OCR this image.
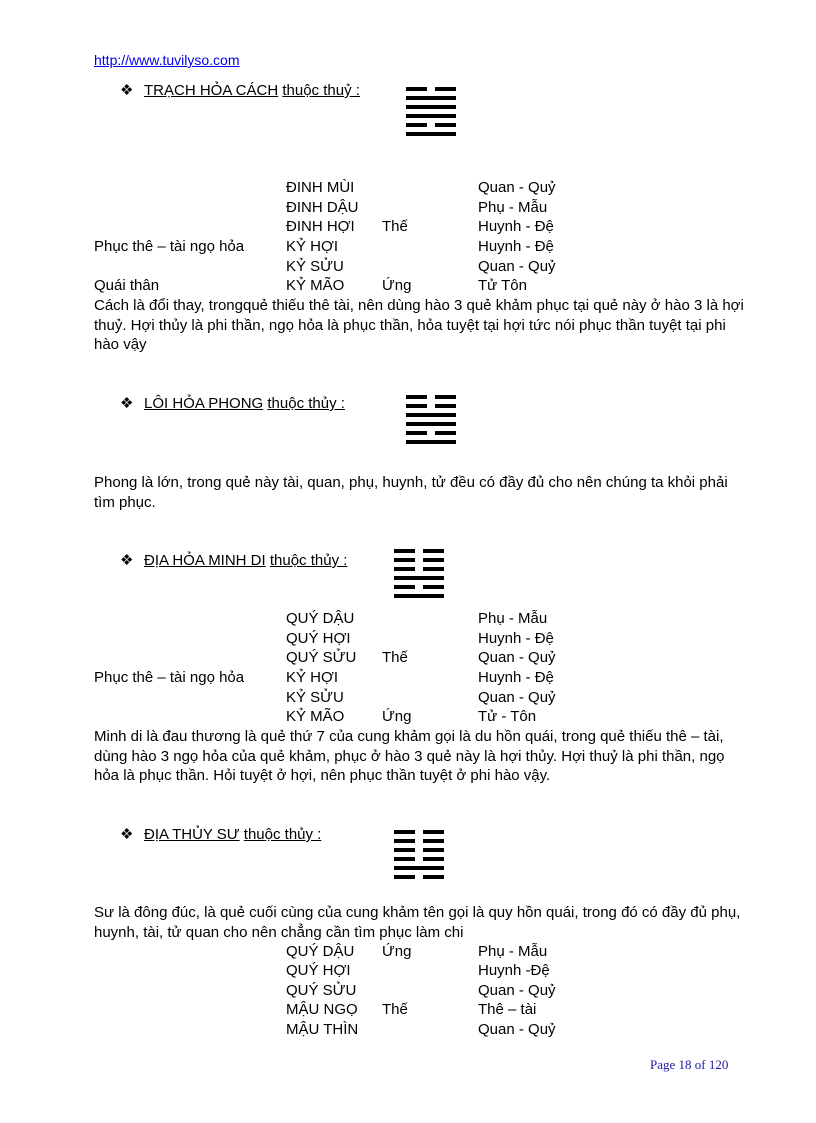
http://www.tuvilyso.com
❖ TRẠCH HỎA CÁCH thuộc thuỷ :
ĐINH MÙI	Quan - Quỷ
ĐINH DẬU	Phụ - Mẫu
ĐINH HỢI Thế	Huynh - Đệ
Phục thê – tài ngọ hỏa	KỶ HỢI	Huynh - Đệ
KỶ SỬU	Quan - Quỷ
Quái thân	KỶ MÃO	Ứng	Tử Tôn
Cách là đổi thay, trongquẻ thiếu thê tài, nên dùng hào 3 quẻ khảm phục tại quẻ này ở hào 3 là hợi thuỷ. Hợi thủy là phi thần, ngọ hỏa là phục thần, hỏa tuyệt tại hợi tức nói phục thần tuyệt tại phi hào vậy
❖ LÔI HỎA PHONG thuộc thủy :
Phong là lớn, trong quẻ này tài, quan, phụ, huynh, tử đều có đầy đủ cho nên chúng ta khỏi phải tìm phục.
❖ ĐỊA HỎA MINH DI thuộc thủy :
QUÝ DẬU	Phụ - Mẫu
QUÝ HỢI	Huynh - Đệ
QUÝ SỬU Thế	Quan - Quỷ
Phục thê – tài ngọ hỏa	KỶ HỢI	Huynh - Đệ
KỶ SỬU	Quan - Quỷ
KỶ MÃO	Ứng	Tử - Tôn
Minh di là đau thương là quẻ thứ 7 của cung khảm gọi là du hồn quái, trong quẻ thiếu thê – tài, dùng hào 3 ngọ hỏa của quẻ khảm, phục ở hào 3 quẻ này là hợi thủy. Hợi thuỷ là phi thần, ngọ hỏa là phục thần. Hỏi tuyệt ở hợi, nên phục thần tuyệt ở phi hào vậy.
❖ ĐỊA THỦY SƯ thuộc thủy :
Sư là đông đúc, là quẻ cuối cùng của cung khảm tên gọi là quy hồn quái, trong đó có đầy đủ phụ, huynh, tài, tử quan cho nên chẳng cần tìm phục làm chi
QUÝ DẬU Ứng	Phụ - Mẫu
QUÝ HỢI	Huynh -Đệ
QUÝ SỬU	Quan - Quỷ
MẬU NGỌ Thế	Thê – tài
MẬU THÌN	Quan - Quỷ
Page 18 of 120
